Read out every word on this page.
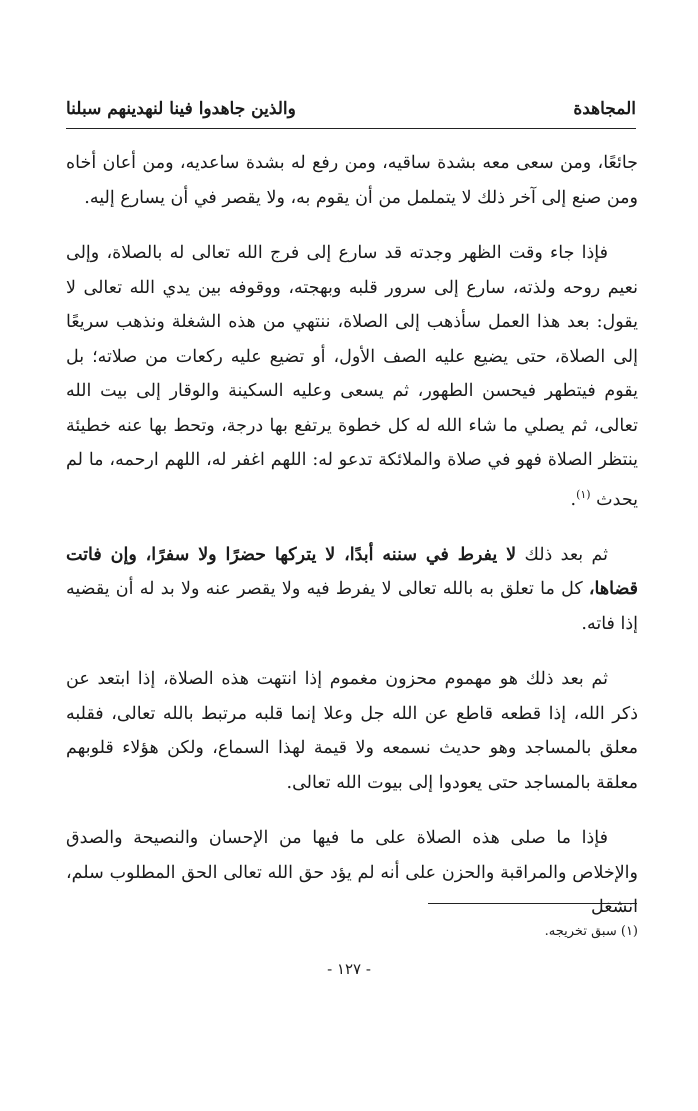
المجاهدة
والذين جاهدوا فينا لنهدينهم سبلنا

جائعًا، ومن سعى معه بشدة ساقيه، ومن رفع له بشدة ساعديه، ومن أعان أخاه ومن صنع إلى آخر ذلك لا يتململ من أن يقوم به، ولا يقصر في أن يسارع إليه.

فإذا جاء وقت الظهر وجدته قد سارع إلى فرج الله تعالى له بالصلاة، وإلى نعيم روحه ولذته، سارع إلى سرور قلبه وبهجته، ووقوفه بين يدي الله تعالى لا يقول: بعد هذا العمل سأذهب إلى الصلاة، ننتهي من هذه الشغلة ونذهب سريعًا إلى الصلاة، حتى يضيع عليه الصف الأول، أو تضيع عليه ركعات من صلاته؛ بل يقوم فيتطهر فيحسن الطهور، ثم يسعى وعليه السكينة والوقار إلى بيت الله تعالى، ثم يصلي ما شاء الله له كل خطوة يرتفع بها درجة، وتحط بها عنه خطيئة ينتظر الصلاة فهو في صلاة والملائكة تدعو له: اللهم اغفر له، اللهم ارحمه، ما لم يحدث $^{(١)}$.

ثم بعد ذلك لا يفرط في سننه أبدًا، لا يتركها حضرًا ولا سفرًا، وإن فاتت قضاها، كل ما تعلق به بالله تعالى لا يفرط فيه ولا يقصر عنه ولا بد له أن يقضيه إذا فاته.

ثم بعد ذلك هو مهموم محزون مغموم إذا انتهت هذه الصلاة، إذا ابتعد عن ذكر الله، إذا قطعه قاطع عن الله جل وعلا إنما قلبه مرتبط بالله تعالى، فقلبه معلق بالمساجد وهو حديث نسمعه ولا قيمة لهذا السماع، ولكن هؤلاء قلوبهم معلقة بالمساجد حتى يعودوا إلى بيوت الله تعالى.

فإذا ما صلى هذه الصلاة على ما فيها من الإحسان والنصيحة والصدق والإخلاص والمراقبة والحزن على أنه لم يؤد حق الله تعالى الحق المطلوب سلم، انشغل

(١) سبق تخريجه.
- ١٢٧ -
